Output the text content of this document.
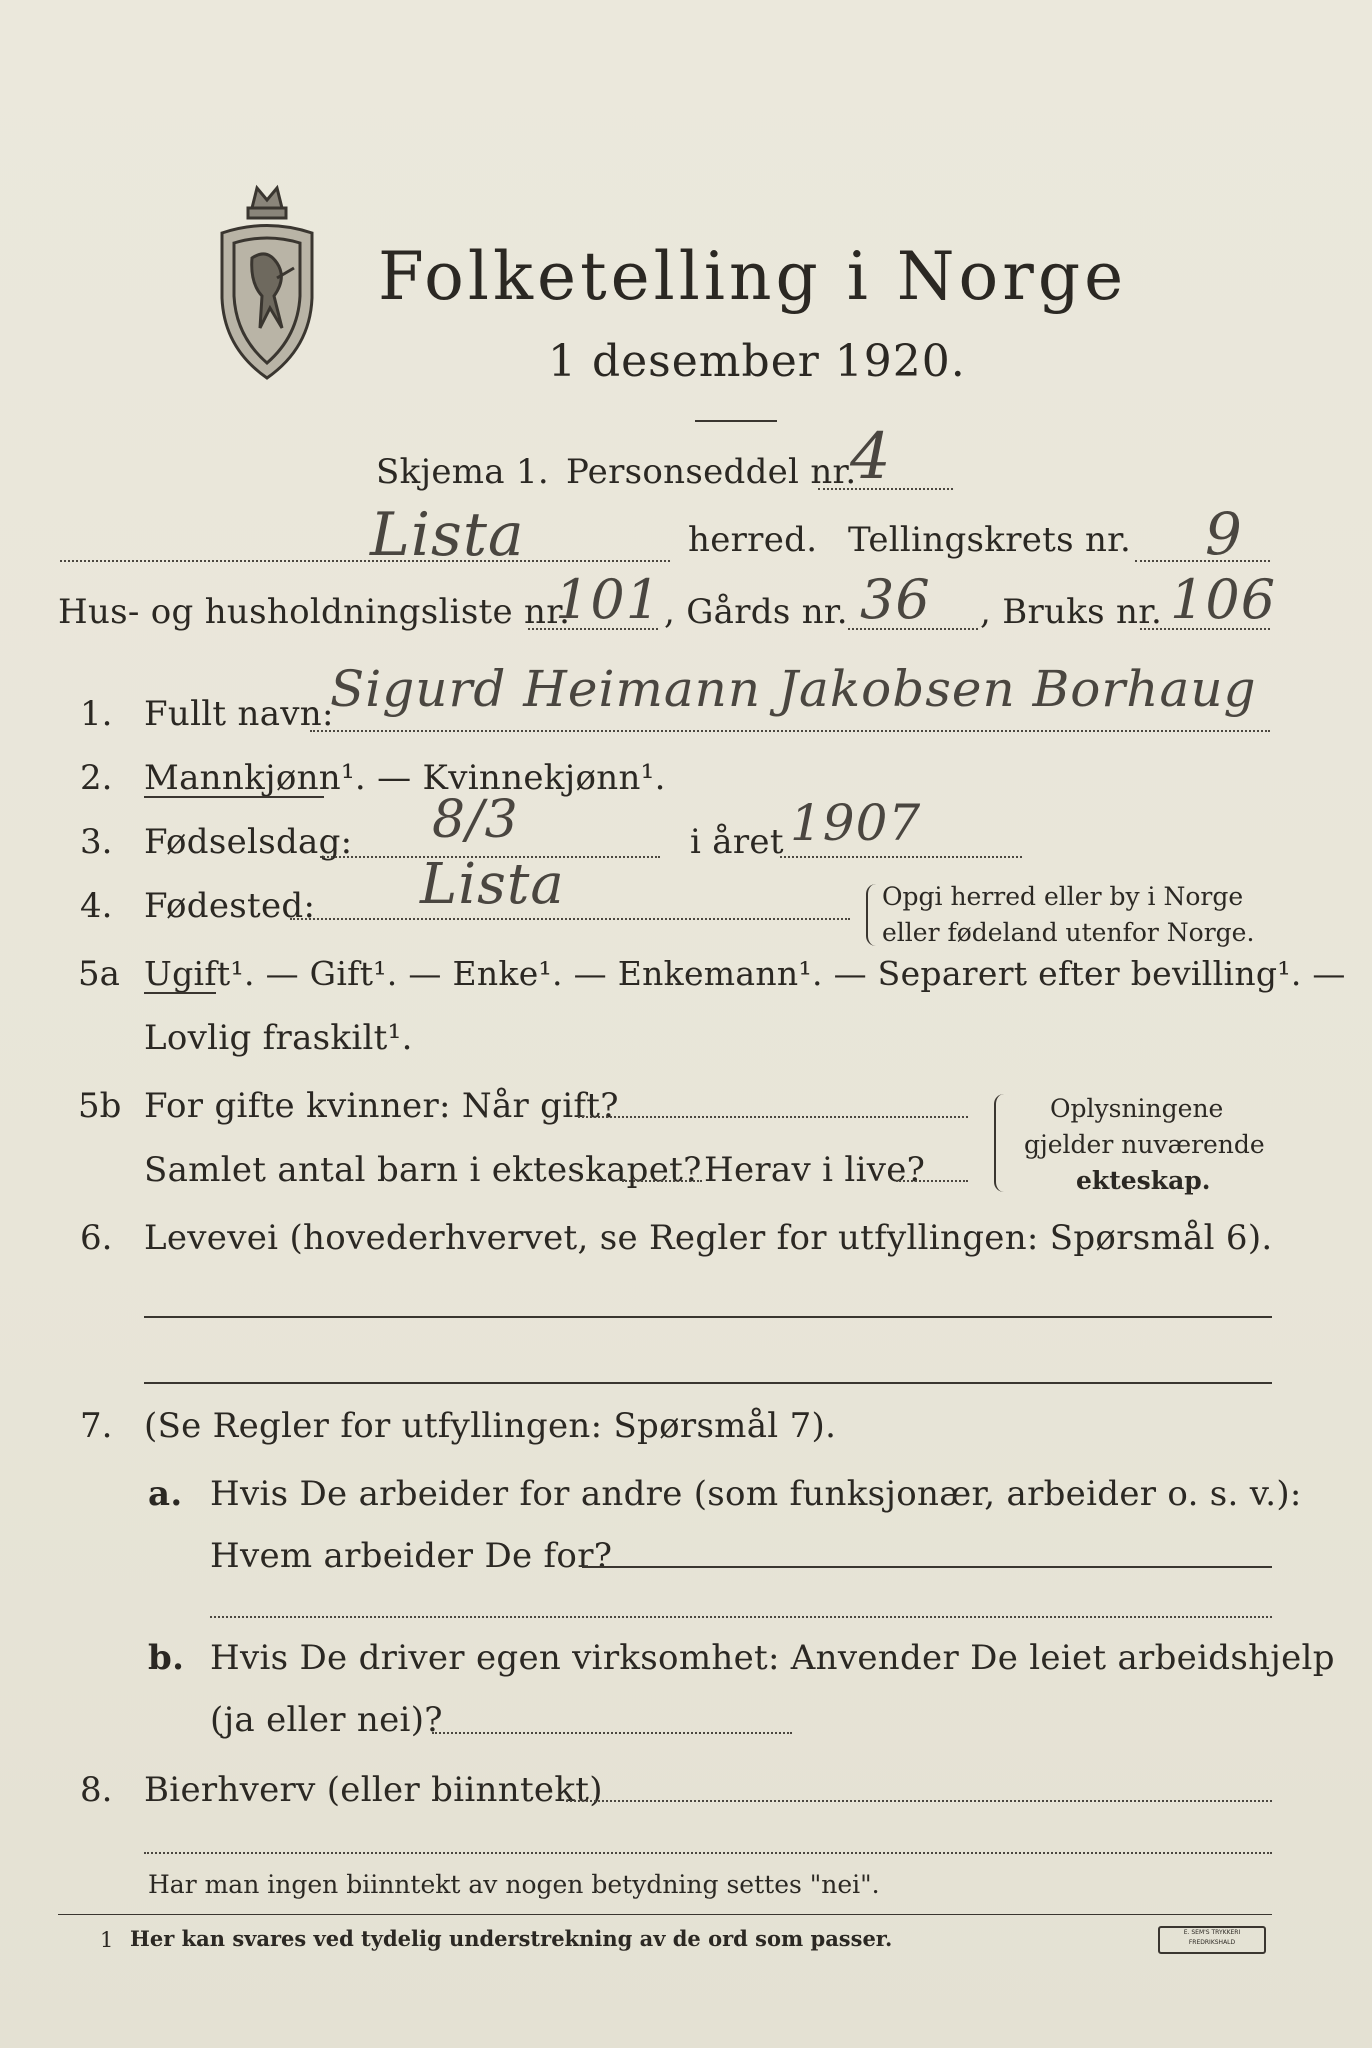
Folketelling i Norge
1 desember 1920.
Skjema 1. Personseddel nr.
4
Lista	herred. Tellingskrets nr. 9
Hus- og husholdningsliste nr.
101 , Gårds nr. 36 , Bruks nr. 106
1. Fullt navn:
Sigurd Heimann Jakobsen Borhaug
2. Mannkjønn¹. — Kvinnekjønn¹.
3. Fødselsdag: 8/3	i året 1907
4. Fødested: Lista	Opgi herred eller by i Norge
eller fødeland utenfor Norge.
5a Ugift¹. — Gift¹. — Enke¹. — Enkemann¹. — Separert efter bevilling¹. —
Lovlig fraskilt¹.
5b For gifte kvinner: Når gift?
Samlet antal barn i ekteskapet? Herav i live?
Oplysningene
gjelder nuværende
ekteskap.
6. Levevei (hovederhvervet, se Regler for utfyllingen: Spørsmål 6).
7. (Se Regler for utfyllingen: Spørsmål 7).
a. Hvis De arbeider for andre (som funksjonær, arbeider o. s. v.):
Hvem arbeider De for?
b. Hvis De driver egen virksomhet: Anvender De leiet arbeidshjelp
(ja eller nei)?
8. Bierhverv (eller biinntekt)
Har man ingen biinntekt av nogen betydning settes "nei".
1 Her kan svares ved tydelig understrekning av de ord som passer.	E. SEM'S TRYKKERI FREDRIKSHALD
